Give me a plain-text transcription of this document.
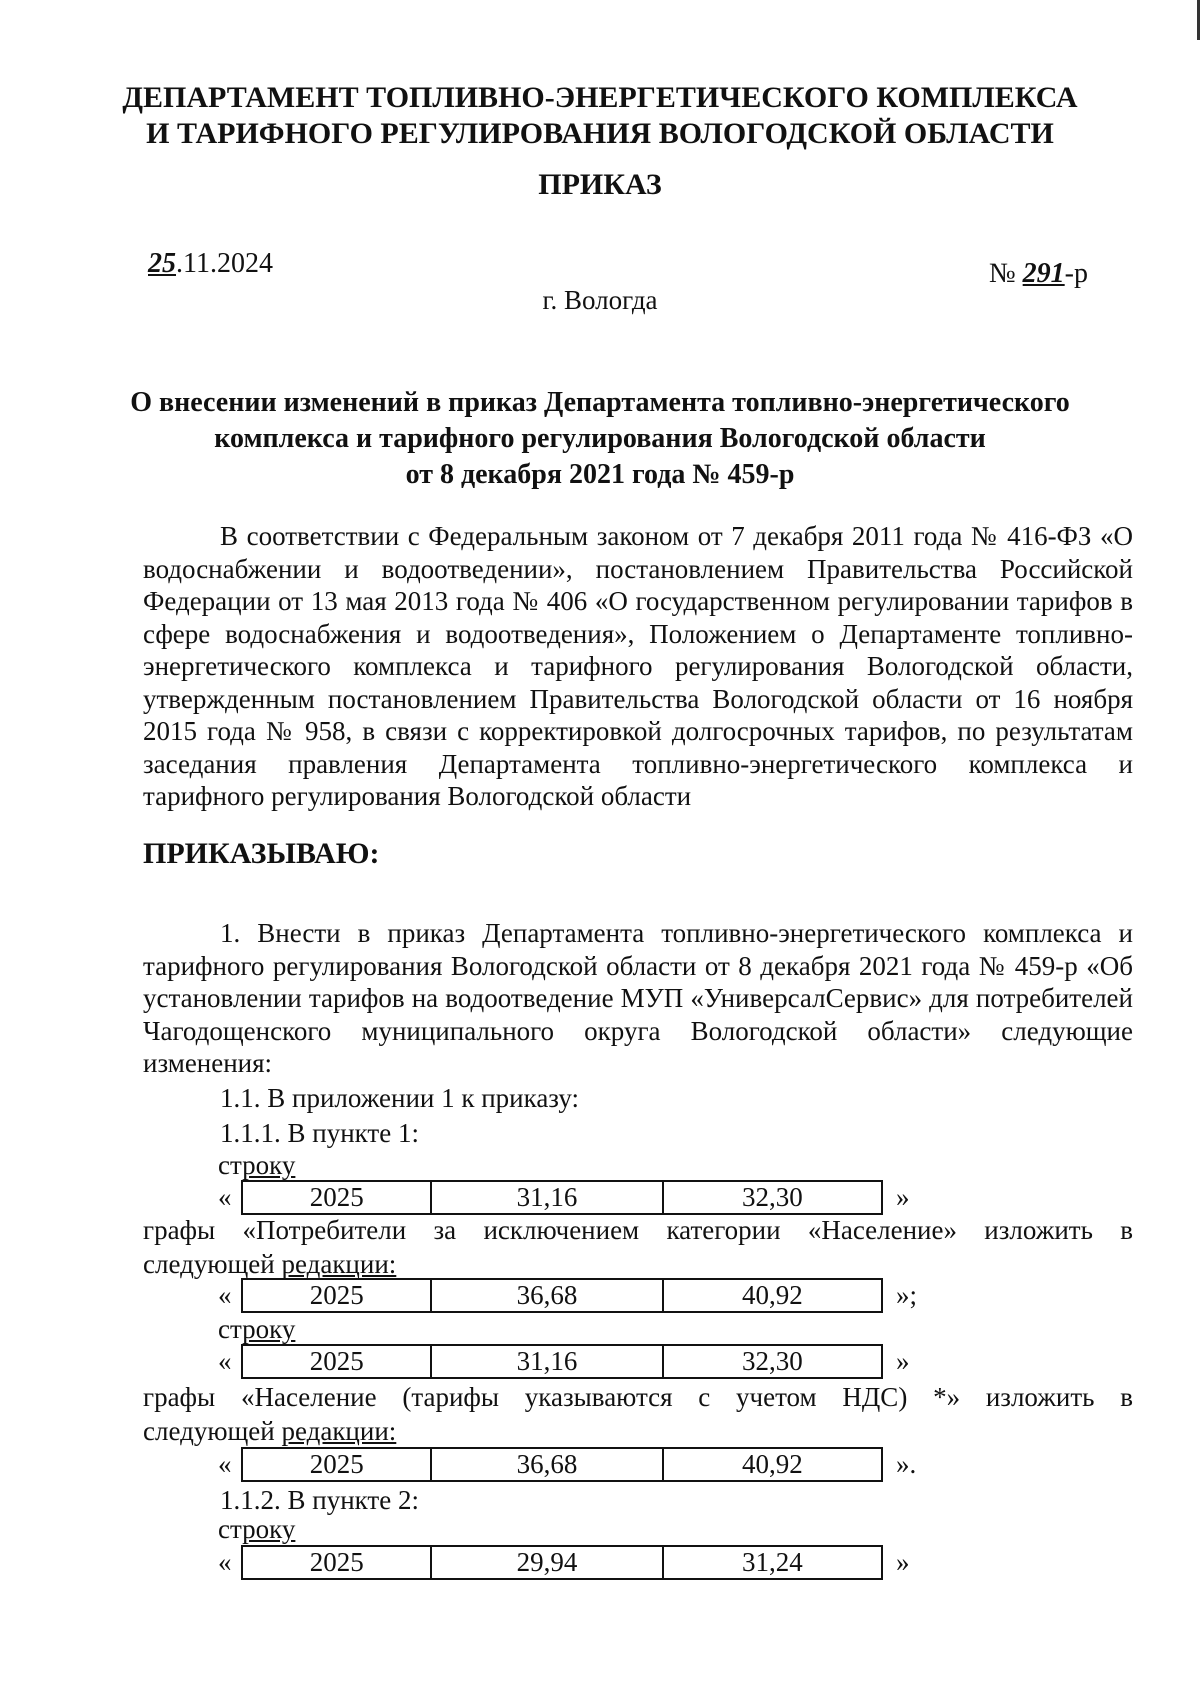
ДЕПАРТАМЕНТ ТОПЛИВНО-ЭНЕРГЕТИЧЕСКОГО КОМПЛЕКСА
И ТАРИФНОГО РЕГУЛИРОВАНИЯ ВОЛОГОДСКОЙ ОБЛАСТИ
ПРИКАЗ
25.11.2024	№ 291-р
г. Вологда
О внесении изменений в приказ Департамента топливно-энергетического
комплекса и тарифного регулирования Вологодской области
от 8 декабря 2021 года № 459-р
В соответствии с Федеральным законом от 7 декабря 2011 года № 416-ФЗ «О водоснабжении и водоотведении», постановлением Правительства Российской Федерации от 13 мая 2013 года № 406 «О государственном регулировании тарифов в сфере водоснабжения и водоотведения», Положением о Департаменте топливно-энергетического комплекса и тарифного регулирования Вологодской области, утвержденным постановлением Правительства Вологодской области от 16 ноября 2015 года № 958, в связи с корректировкой долгосрочных тарифов, по результатам заседания правления Департамента топливно-энергетического комплекса и тарифного регулирования Вологодской области
ПРИКАЗЫВАЮ:
1. Внести в приказ Департамента топливно-энергетического комплекса и тарифного регулирования Вологодской области от 8 декабря 2021 года № 459-р «Об установлении тарифов на водоотведение МУП «УниверсалСервис» для потребителей Чагодощенского муниципального округа Вологодской области» следующие изменения:
1.1. В приложении 1 к приказу:
1.1.1. В пункте 1:
строку
«	2025	31,16	32,30	»
графы «Потребители за исключением категории «Население» изложить в
следующей редакции:
«	2025	36,68	40,92	»;
строку
«	2025	31,16	32,30	»
графы «Население (тарифы указываются с учетом НДС) *» изложить в
следующей редакции:
«	2025	36,68	40,92	».
1.1.2. В пункте 2:
строку
«	2025	29,94	31,24	»
